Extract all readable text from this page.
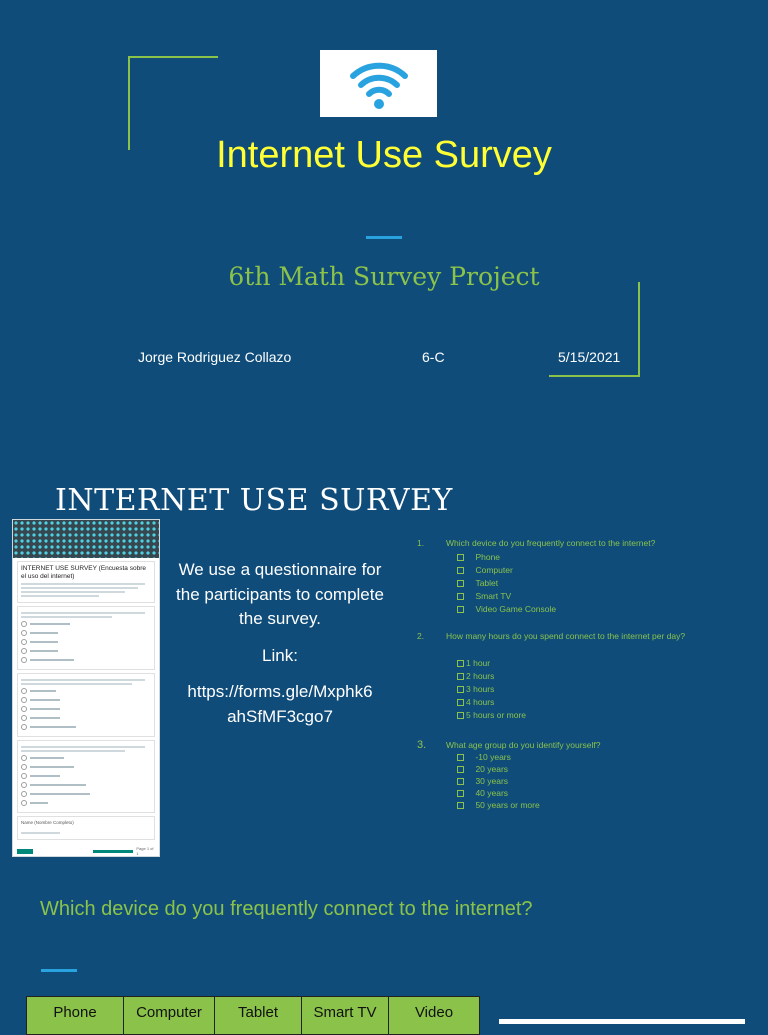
Internet Use Survey
6th Math Survey Project
Jorge Rodriguez Collazo	6-C	5/15/2021
INTERNET USE SURVEY
INTERNET USE SURVEY (Encuesta sobre el uso del internet)
Name (Nombre Completo)
Page 1 of 1
We use a questionnaire for the participants to complete the survey.
Link:
https://forms.gle/Mxphk6ahSfMF3cgo7
1.	Which device do you frequently connect to the internet?
Phone
Computer
Tablet
Smart TV
Video Game Console
2.	How many hours do you spend connect to the internet per day?
1 hour
2 hours
3 hours
4 hours
5 hours or more
3. What age group do you identify yourself?
-10 years
20 years
30 years
40 years
50 years or more
Which device do you frequently connect to the internet?
Phone	Computer	Tablet	Smart TV	Video
